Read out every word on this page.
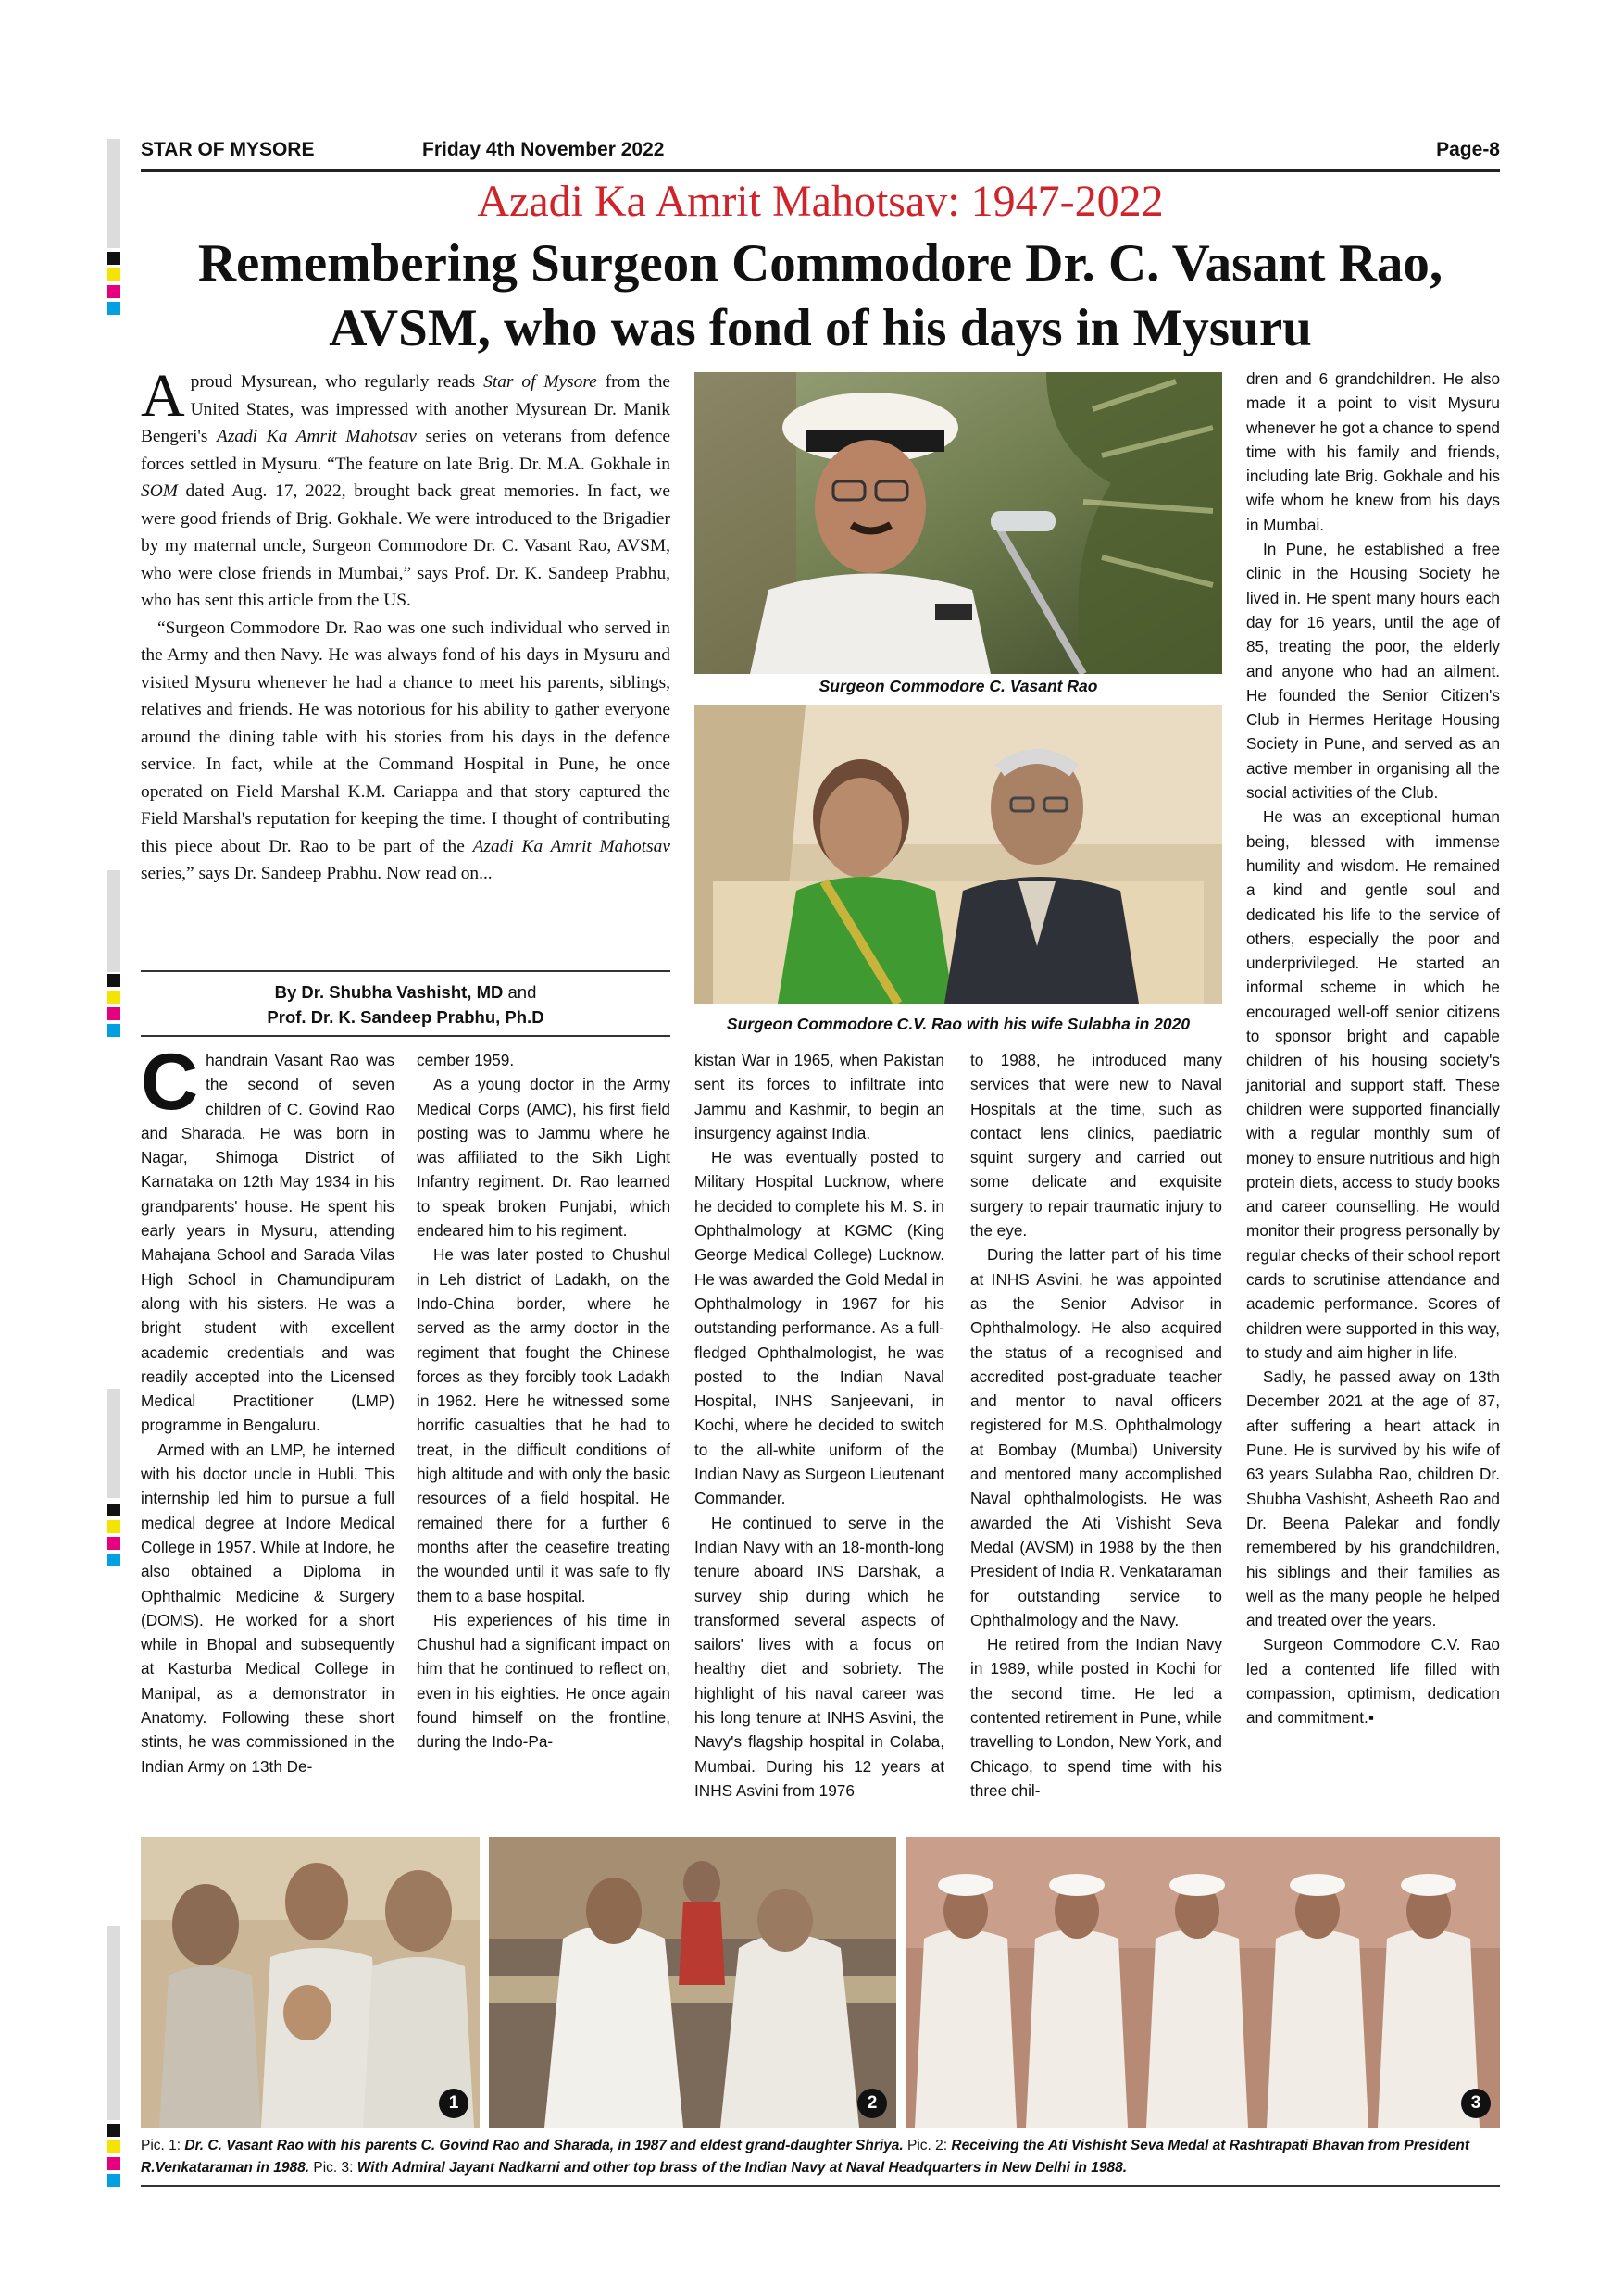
STAR OF MYSORE	Friday 4th November 2022	Page-8
Azadi Ka Amrit Mahotsav: 1947-2022
Remembering Surgeon Commodore Dr. C. Vasant Rao, AVSM, who was fond of his days in Mysuru

Aproud Mysurean, who regularly reads Star of Mysore from the United States, was impressed with another Mysurean Dr. Manik Bengeri's Azadi Ka Amrit Mahotsav series on veterans from defence forces settled in Mysuru. “The feature on late Brig. Dr. M.A. Gokhale in SOM dated Aug. 17, 2022, brought back great memories. In fact, we were good friends of Brig. Gokhale. We were introduced to the Brigadier by my maternal uncle, Surgeon Commodore Dr. C. Vasant Rao, AVSM, who were close friends in Mumbai,” says Prof. Dr. K. Sandeep Prabhu, who has sent this article from the US.

“Surgeon Commodore Dr. Rao was one such individual who served in the Army and then Navy. He was always fond of his days in Mysuru and visited Mysuru whenever he had a chance to meet his parents, siblings, relatives and friends. He was notorious for his ability to gather everyone around the dining table with his stories from his days in the defence service. In fact, while at the Command Hospital in Pune, he once operated on Field Marshal K.M. Cariappa and that story captured the Field Marshal's reputation for keeping the time. I thought of contributing this piece about Dr. Rao to be part of the Azadi Ka Amrit Mahotsav series,” says Dr. Sandeep Prabhu. Now read on...

By Dr. Shubha Vashisht, MD and
Prof. Dr. K. Sandeep Prabhu, Ph.D
Surgeon Commodore C. Vasant Rao
Surgeon Commodore C.V. Rao with his wife Sulabha in 2020

Chandrain Vasant Rao was the second of seven children of C. Govind Rao and Sharada. He was born in Nagar, Shimoga District of Karnataka on 12th May 1934 in his grandparents' house. He spent his early years in Mysuru, attending Mahajana School and Sarada Vilas High School in Chamundipuram along with his sisters. He was a bright student with excellent academic credentials and was readily accepted into the Licensed Medical Practitioner (LMP) programme in Bengaluru.

Armed with an LMP, he interned with his doctor uncle in Hubli. This internship led him to pursue a full medical degree at Indore Medical College in 1957. While at Indore, he also obtained a Diploma in Ophthalmic Medicine & Surgery (DOMS). He worked for a short while in Bhopal and subsequently at Kasturba Medical College in Manipal, as a demonstrator in Anatomy. Following these short stints, he was commissioned in the Indian Army on 13th De-

cember 1959.

As a young doctor in the Army Medical Corps (AMC), his first field posting was to Jammu where he was affiliated to the Sikh Light Infantry regiment. Dr. Rao learned to speak broken Punjabi, which endeared him to his regiment.

He was later posted to Chushul in Leh district of Ladakh, on the Indo-China border, where he served as the army doctor in the regiment that fought the Chinese forces as they forcibly took Ladakh in 1962. Here he witnessed some horrific casualties that he had to treat, in the difficult conditions of high altitude and with only the basic resources of a field hospital. He remained there for a further 6 months after the ceasefire treating the wounded until it was safe to fly them to a base hospital.

His experiences of his time in Chushul had a significant impact on him that he continued to reflect on, even in his eighties. He once again found himself on the frontline, during the Indo-Pa-

kistan War in 1965, when Pakistan sent its forces to infiltrate into Jammu and Kashmir, to begin an insurgency against India.

He was eventually posted to Military Hospital Lucknow, where he decided to complete his M. S. in Ophthalmology at KGMC (King George Medical College) Lucknow. He was awarded the Gold Medal in Ophthalmology in 1967 for his outstanding performance. As a full-fledged Ophthalmologist, he was posted to the Indian Naval Hospital, INHS Sanjeevani, in Kochi, where he decided to switch to the all-white uniform of the Indian Navy as Surgeon Lieutenant Commander.

He continued to serve in the Indian Navy with an 18-month-long tenure aboard INS Darshak, a survey ship during which he transformed several aspects of sailors' lives with a focus on healthy diet and sobriety. The highlight of his naval career was his long tenure at INHS Asvini, the Navy's flagship hospital in Colaba, Mumbai. During his 12 years at INHS Asvini from 1976

to 1988, he introduced many services that were new to Naval Hospitals at the time, such as contact lens clinics, paediatric squint surgery and carried out some delicate and exquisite surgery to repair traumatic injury to the eye.

During the latter part of his time at INHS Asvini, he was appointed as the Senior Advisor in Ophthalmology. He also acquired the status of a recognised and accredited post-graduate teacher and mentor to naval officers registered for M.S. Ophthalmology at Bombay (Mumbai) University and mentored many accomplished Naval ophthalmologists. He was awarded the Ati Vishisht Seva Medal (AVSM) in 1988 by the then President of India R. Venkataraman for outstanding service to Ophthalmology and the Navy.

He retired from the Indian Navy in 1989, while posted in Kochi for the second time. He led a contented retirement in Pune, while travelling to London, New York, and Chicago, to spend time with his three chil-

dren and 6 grandchildren. He also made it a point to visit Mysuru whenever he got a chance to spend time with his family and friends, including late Brig. Gokhale and his wife whom he knew from his days in Mumbai.

In Pune, he established a free clinic in the Housing Society he lived in. He spent many hours each day for 16 years, until the age of 85, treating the poor, the elderly and anyone who had an ailment. He founded the Senior Citizen's Club in Hermes Heritage Housing Society in Pune, and served as an active member in organising all the social activities of the Club.

He was an exceptional human being, blessed with immense humility and wisdom. He remained a kind and gentle soul and dedicated his life to the service of others, especially the poor and underprivileged. He started an informal scheme in which he encouraged well-off senior citizens to sponsor bright and capable children of his housing society's janitorial and support staff. These children were supported financially with a regular monthly sum of money to ensure nutritious and high protein diets, access to study books and career counselling. He would monitor their progress personally by regular checks of their school report cards to scrutinise attendance and academic performance. Scores of children were supported in this way, to study and aim higher in life.

Sadly, he passed away on 13th December 2021 at the age of 87, after suffering a heart attack in Pune. He is survived by his wife of 63 years Sulabha Rao, children Dr. Shubha Vashisht, Asheeth Rao and Dr. Beena Palekar and fondly remembered by his grandchildren, his siblings and their families as well as the many people he helped and treated over the years.

Surgeon Commodore C.V. Rao led a contented life filled with compassion, optimism, dedication and commitment.▪

1	2	3
Pic. 1: Dr. C. Vasant Rao with his parents C. Govind Rao and Sharada, in 1987 and eldest grand-daughter Shriya. Pic. 2: Receiving the Ati Vishisht Seva Medal at Rashtrapati Bhavan from President R.Venkataraman in 1988. Pic. 3: With Admiral Jayant Nadkarni and other top brass of the Indian Navy at Naval Headquarters in New Delhi in 1988.
